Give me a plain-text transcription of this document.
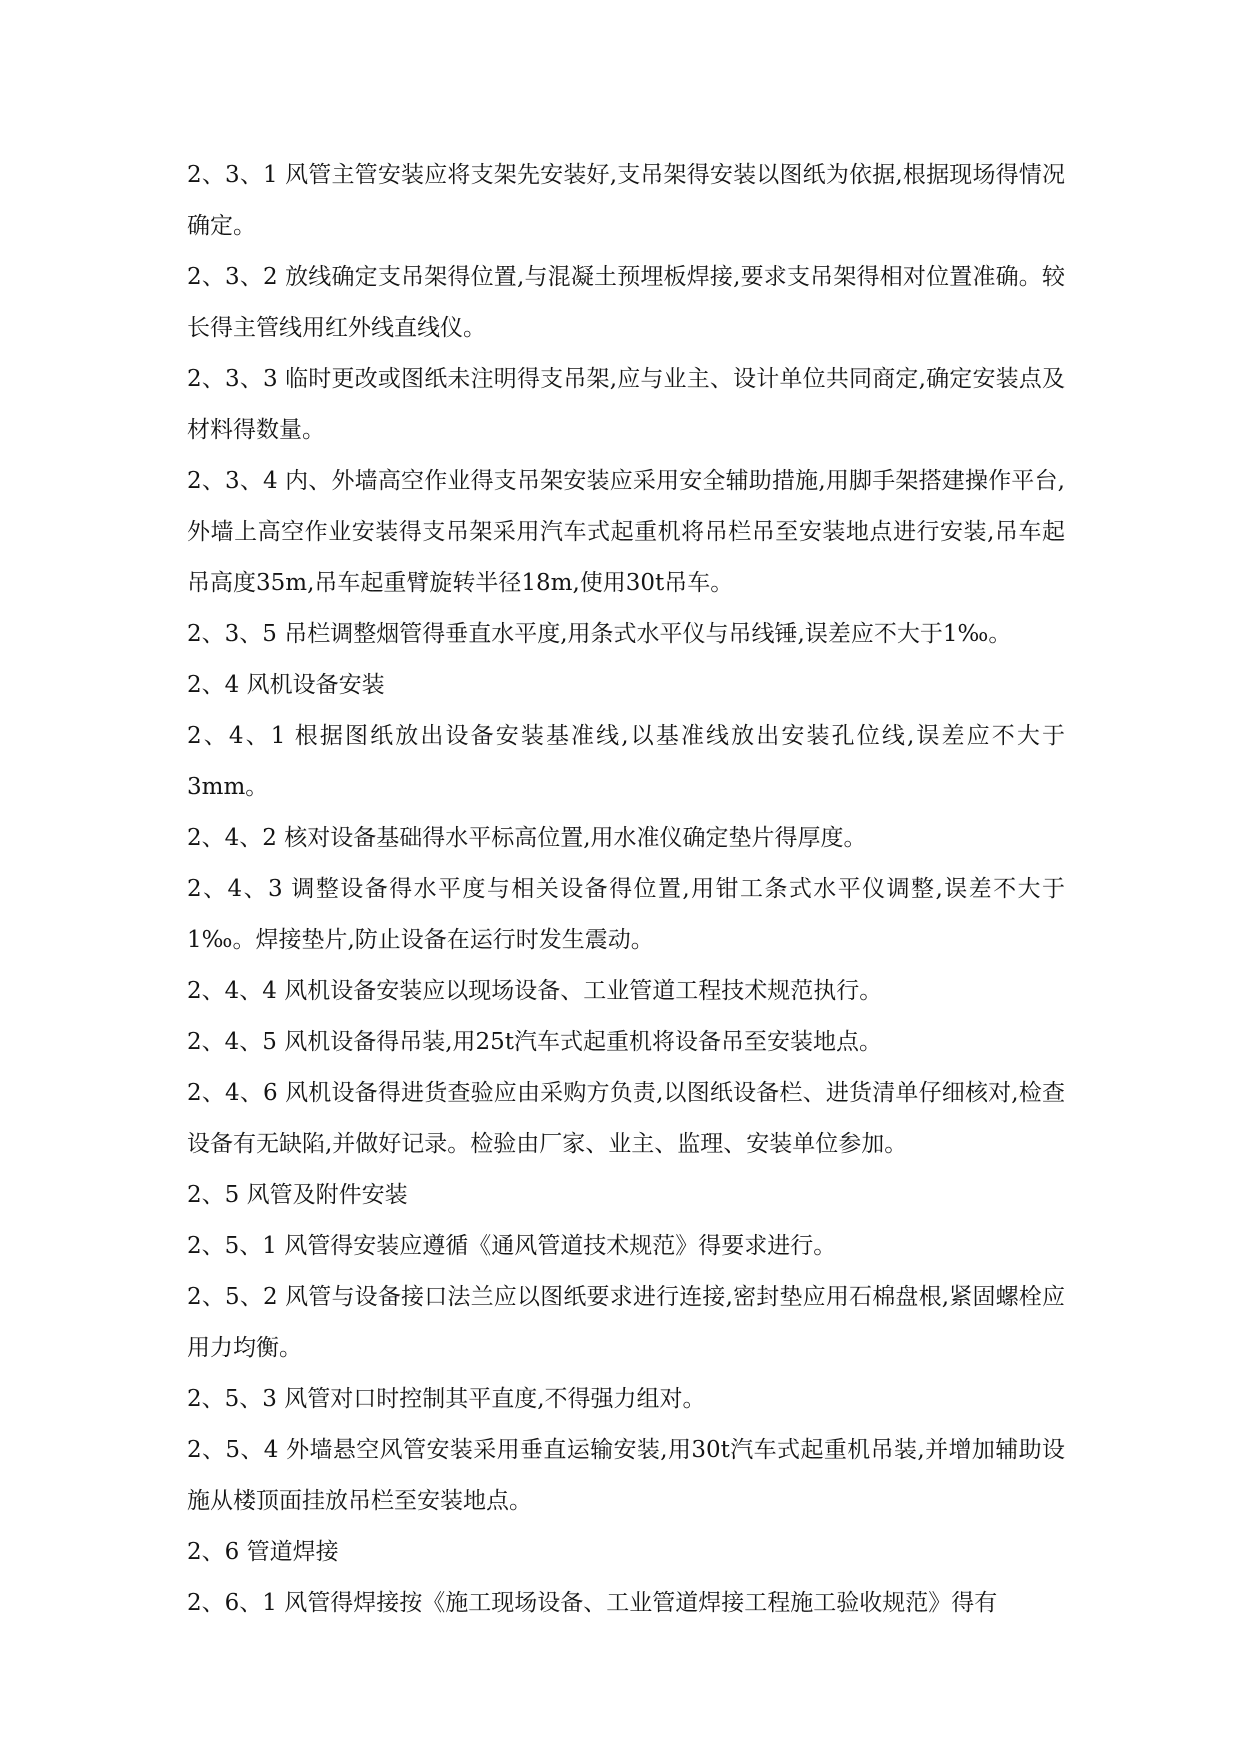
2、3、1 风管主管安装应将支架先安装好,支吊架得安装以图纸为依据,根据现场得情况确定。

2、3、2 放线确定支吊架得位置,与混凝土预埋板焊接,要求支吊架得相对位置准确。较长得主管线用红外线直线仪。

2、3、3 临时更改或图纸未注明得支吊架,应与业主、设计单位共同商定,确定安装点及材料得数量。

2、3、4 内、外墙高空作业得支吊架安装应采用安全辅助措施,用脚手架搭建操作平台,外墙上高空作业安装得支吊架采用汽车式起重机将吊栏吊至安装地点进行安装,吊车起吊高度35m,吊车起重臂旋转半径18m,使用30t吊车。

2、3、5 吊栏调整烟管得垂直水平度,用条式水平仪与吊线锤,误差应不大于1‰。

2、4 风机设备安装

2、4、1 根据图纸放出设备安装基准线,以基准线放出安装孔位线,误差应不大于3mm。

2、4、2 核对设备基础得水平标高位置,用水准仪确定垫片得厚度。

2、4、3 调整设备得水平度与相关设备得位置,用钳工条式水平仪调整,误差不大于1‰。焊接垫片,防止设备在运行时发生震动。

2、4、4 风机设备安装应以现场设备、工业管道工程技术规范执行。

2、4、5 风机设备得吊装,用25t汽车式起重机将设备吊至安装地点。

2、4、6 风机设备得进货查验应由采购方负责,以图纸设备栏、进货清单仔细核对,检查设备有无缺陷,并做好记录。检验由厂家、业主、监理、安装单位参加。

2、5 风管及附件安装

2、5、1 风管得安装应遵循《通风管道技术规范》得要求进行。

2、5、2 风管与设备接口法兰应以图纸要求进行连接,密封垫应用石棉盘根,紧固螺栓应用力均衡。

2、5、3 风管对口时控制其平直度,不得强力组对。

2、5、4 外墙悬空风管安装采用垂直运输安装,用30t汽车式起重机吊装,并增加辅助设施从楼顶面挂放吊栏至安装地点。

2、6 管道焊接

2、6、1 风管得焊接按《施工现场设备、工业管道焊接工程施工验收规范》得有
